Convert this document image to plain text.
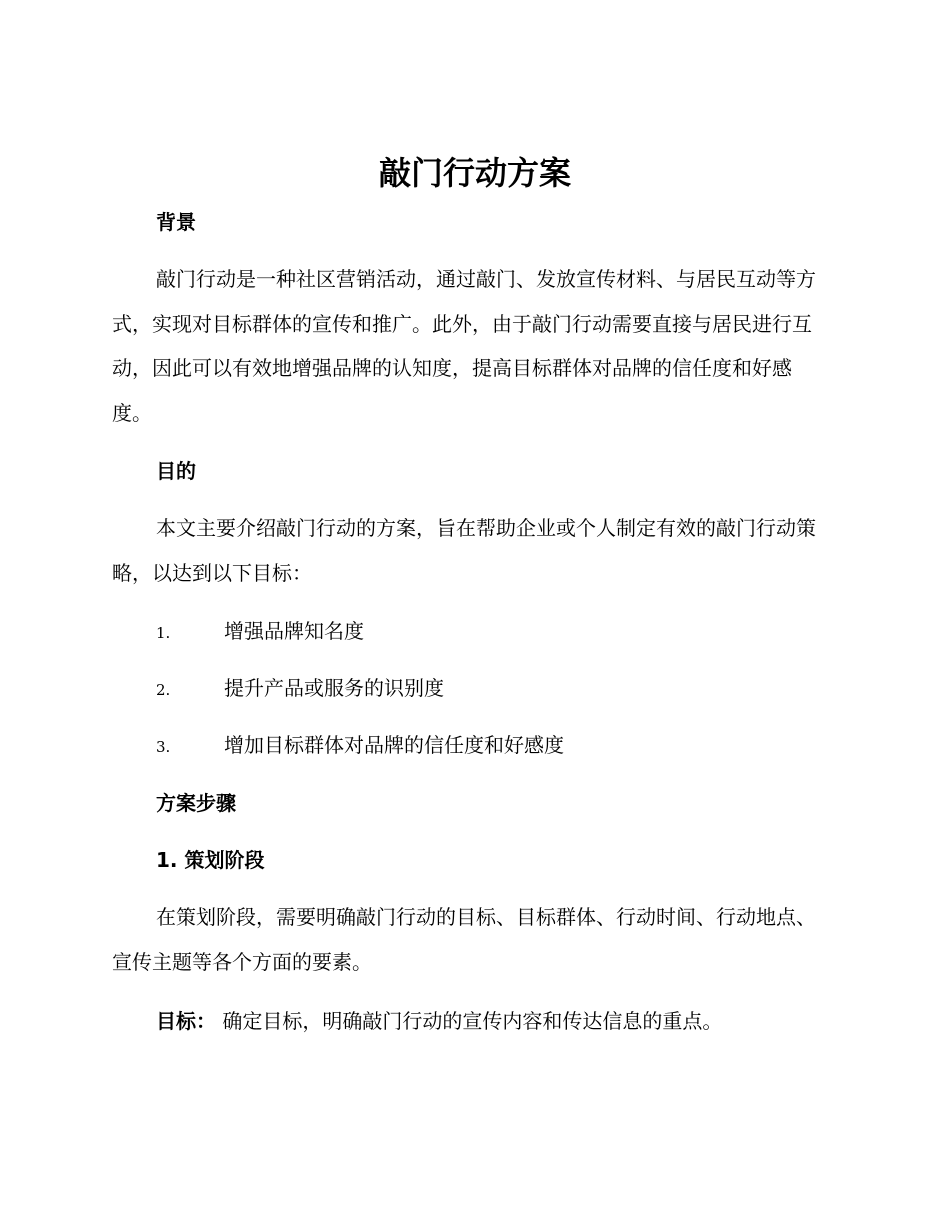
敲门行动方案
背景

敲门行动是一种社区营销活动，通过敲门、发放宣传材料、与居民互动等方式，实现对目标群体的宣传和推广。此外，由于敲门行动需要直接与居民进行互动，因此可以有效地增强品牌的认知度，提高目标群体对品牌的信任度和好感度。

目的

本文主要介绍敲门行动的方案，旨在帮助企业或个人制定有效的敲门行动策略，以达到以下目标：

1.	增强品牌知名度
2.	提升产品或服务的识别度
3.	增加目标群体对品牌的信任度和好感度
方案步骤
1. 策划阶段

在策划阶段，需要明确敲门行动的目标、目标群体、行动时间、行动地点、宣传主题等各个方面的要素。

目标： 确定目标，明确敲门行动的宣传内容和传达信息的重点。
